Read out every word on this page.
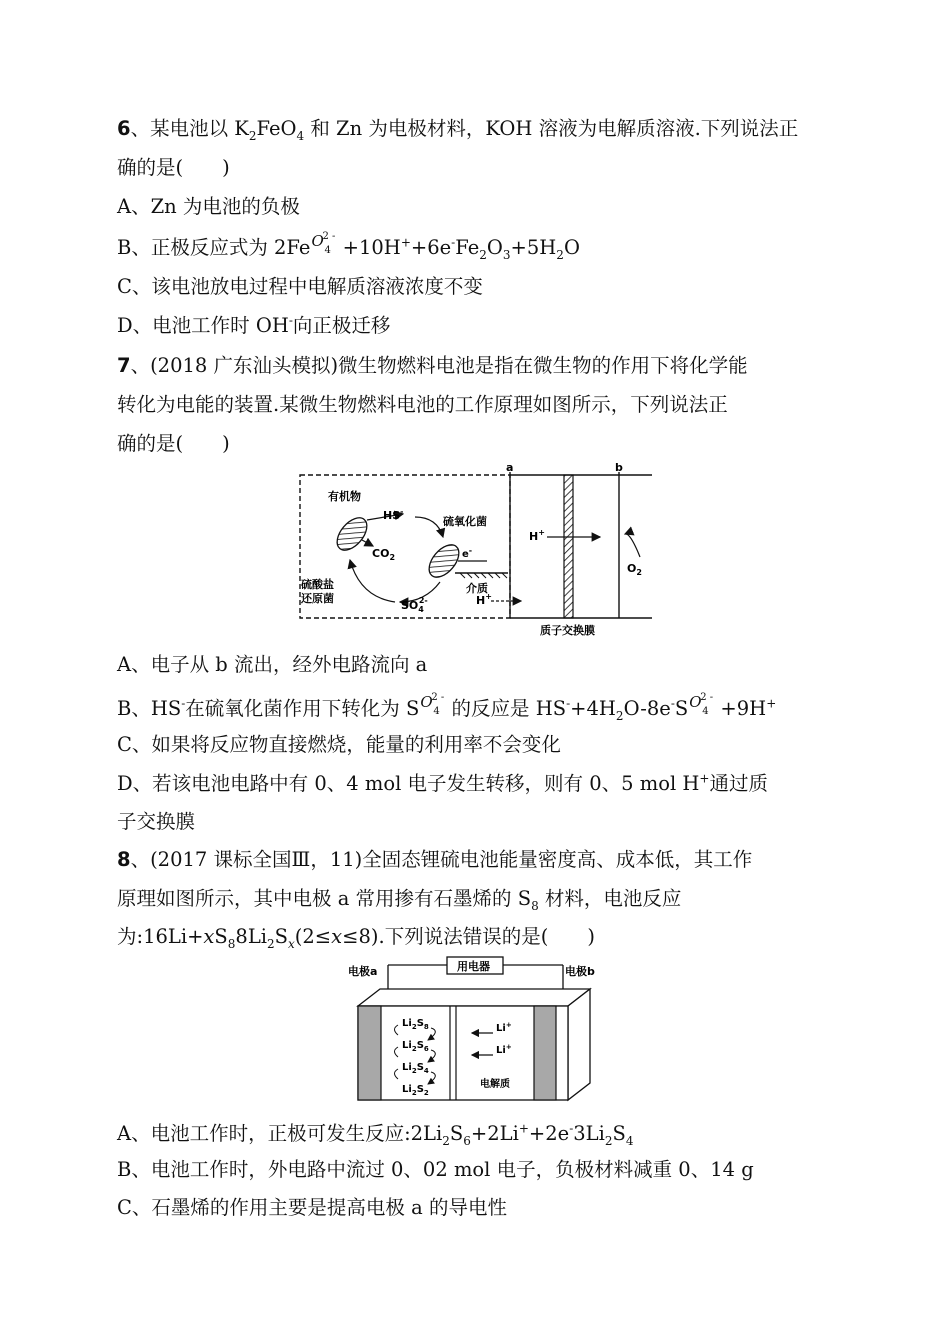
6、某电池以 $K_2FeO_4$ 和 Zn 为电极材料，KOH 溶液为电解质溶液.下列说法正
确的是(　　)
A、Zn 为电池的负极
B、正极反应式为 2Fe O
2 -
$4 +10H^++6e^-Fe_2O_3+5H_2O$
C、该电池放电过程中电解质溶液浓度不变
D、电池工作时 OH-向正极迁移
7、(2018 广东汕头模拟)微生物燃料电池是指在微生物的作用下将化学能
转化为电能的装置.某微生物燃料电池的工作原理如图所示，下列说法正
确的是(　　)
a	b
质子交换膜
H+
$O_2$
有机物
HS-
$CO_2$
硫氧化菌
e-
介质
H+
$SO_42-$
硫酸盐
还原菌
A、电子从 b 流出，经外电路流向 a
B、HS-在硫氧化菌作用下转化为 S O
2 -
4 的反应是 $HS^-+4H_2O-8e^-S$ O
2 -
4 +9H+
C、如果将反应物直接燃烧，能量的利用率不会变化
D、若该电池电路中有 0、4 mol 电子发生转移，则有 0、5 mol H+通过质
子交换膜
8、(2017 课标全国Ⅲ，11)全固态锂硫电池能量密度高、成本低，其工作
原理如图所示，其中电极 a 常用掺有石墨烯的 $S_8$ 材料，电池反应
为$:16Li+xS_88Li_2S_x(2\le x\le 8)$.下列说法错误的是(　　)
用电器
电极a	电极b
$Li_2S_8$
$Li_2S_6$
$Li_2S_4$
$Li_2S_2$
Li+
Li+
电解质
A、电池工作时，正极可发生反应$:2Li_2S_6+2Li^++2e^-3Li_2S_4$
B、电池工作时，外电路中流过 0、02 mol 电子，负极材料减重 0、14 g
C、石墨烯的作用主要是提高电极 a 的导电性
